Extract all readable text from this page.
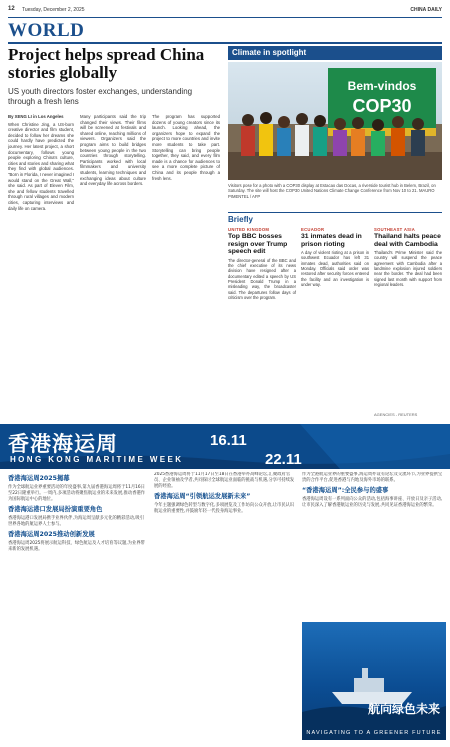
12 Tuesday, December 2, 2025	CHINA DAILY
WORLD
Project helps spread China stories globally
US youth directors foster exchanges, understanding through a fresh lens
By XENG LI in Los Angeles
When Christine Jing, a US-born creative director and film student, decided to follow her dreams she could hardly have predicted the journey. Her latest project, a short documentary, follows young people exploring China's culture, cities and stories and sharing what they find with global audiences. "Born in Florida, I never imagined I would stand on the Great Wall," she said. As part of Eleven Film, she and fellow students travelled through rural villages and modern cities, capturing interviews and daily life on camera.
Many participants said the trip changed their views. Their films will be screened at festivals and shared online, reaching millions of viewers. Organizers said the program aims to build bridges between young people in the two countries through storytelling. Participants worked with local filmmakers and university students, learning techniques and exchanging ideas about culture and everyday life across borders.
The program has supported dozens of young creators since its launch. Looking ahead, the organizers hope to expand the project to more countries and invite more students to take part. Storytelling can bring people together, they said, and every film made is a chance for audiences to see a more complete picture of China and its people through a fresh lens.
Climate in spotlight
Bem-vindos
COP30
Visitors pose for a photo with a COP30 display at Estacao das Docas, a riverside tourist hub in Belem, Brazil, on Saturday. The site will host the COP30 United Nations Climate Change Conference from Nov 10 to 21. MAURO PIMENTEL / AFP
Briefly
UNITED KINGDOM
Top BBC bosses resign over Trump speech edit
The director-general of the BBC and the chief executive of its news division have resigned after a documentary edited a speech by US President Donald Trump in a misleading way, the broadcaster said. The departures follow days of criticism over the program.
ECUADOR
31 inmates dead in prison rioting
A day of violent rioting at a prison in southwest Ecuador has left 31 inmates dead, authorities said on Monday. Officials said order was restored after security forces entered the facility and an investigation is under way.
SOUTHEAST ASIA
Thailand halts peace deal with Cambodia
Thailand's Prime Minister said the country will suspend the peace agreement with Cambodia after a landmine explosion injured soldiers near the border. The deal had been signed last month with support from regional leaders.
AGENCIES - REUTERS
香港海运周
HONG KONG MARITIME WEEK
16.11
22.11
香港海运周2025揭幕
作为全球航运业界重要活动的年度盛事,第九届香港海运周将于11月16日至22日隆重举行。一周内,多项活动将聚焦航运业的未来发展,推动香港作为国际航运中心的地位。
香港海运港口发展局扮演重要角色
香港海运港口发展局携手业界伙伴,为海运周呈献多元化的精彩活动,吸引世界各地的航运界人士参与。
香港海运周2025推动创新发展
香港海运周2025将展示航运科技、绿色航运及人才培育等议题,为业界带来新的发展机遇。
2025香港海运周将于11月17日至18日在香港举办高峰论坛,汇聚政府官员、企业领袖及学者,共同探讨全球航运业面临的挑战与机遇,分享可持续发展的经验。
香港海运周“引领航运发展新未来”
今年主题强调绿色转型与数字化,多项展览及工作坊向公众开放,让市民认识航运业的重要性,并鼓励年轻一代投身海运事业。
作为全港航运业界的重要盛事,海运周亦设有论坛及交流环节,为业界提供宝贵的合作平台,促进香港与内地及海外市场的联系。
“香港海运周”:全民参与的盛事
香港海运周设有一系列面向公众的活动,包括海事讲座、开放日及亲子活动,让市民深入了解香港航运业的历史与发展,共同见证香港海运业的繁荣。
航向绿色未来
NAVIGATING TO A GREENER FUTURE
